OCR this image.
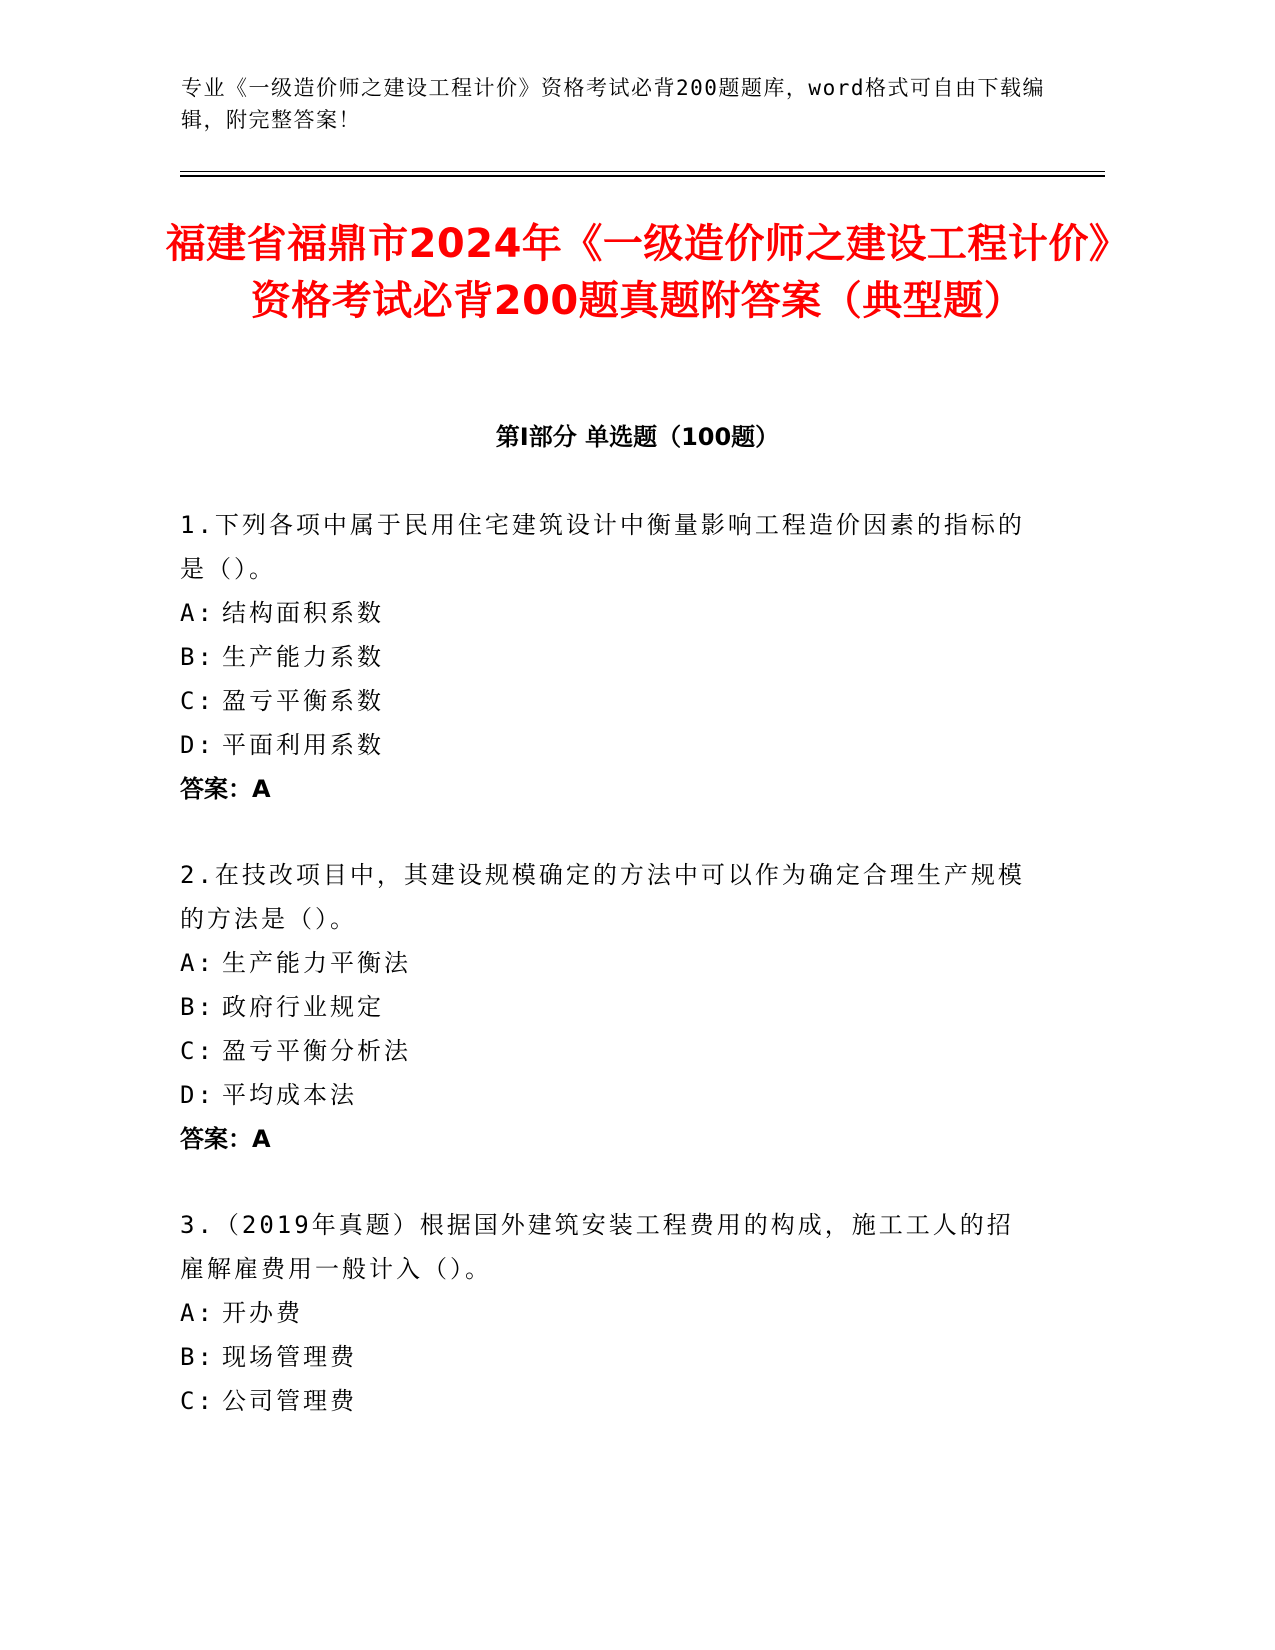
专业《一级造价师之建设工程计价》资格考试必背200题题库，word格式可自由下载编辑，附完整答案！
福建省福鼎市2024年《一级造价师之建设工程计价》资格考试必背200题真题附答案（典型题）
第I部分 单选题（100题）
1.下列各项中属于民用住宅建筑设计中衡量影响工程造价因素的指标的是（）。
A: 结构面积系数
B: 生产能力系数
C: 盈亏平衡系数
D: 平面利用系数
答案：A
2.在技改项目中，其建设规模确定的方法中可以作为确定合理生产规模的方法是（）。
A: 生产能力平衡法
B: 政府行业规定
C: 盈亏平衡分析法
D: 平均成本法
答案：A
3.（2019年真题）根据国外建筑安装工程费用的构成，施工工人的招雇解雇费用一般计入（）。
A: 开办费
B: 现场管理费
C: 公司管理费
